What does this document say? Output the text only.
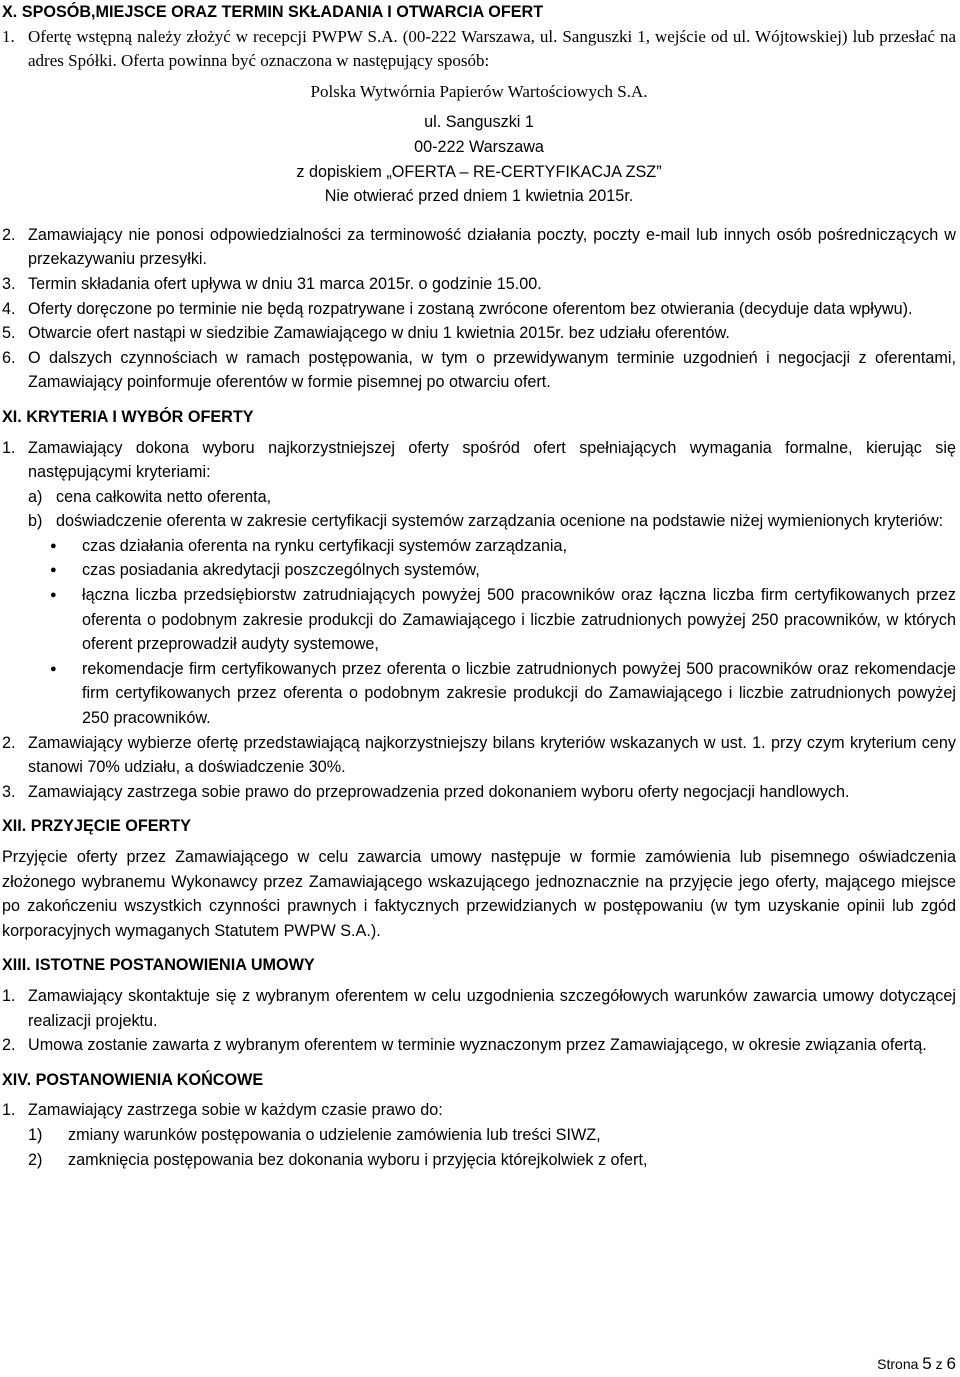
X. SPOSÓB,MIEJSCE ORAZ TERMIN SKŁADANIA I OTWARCIA OFERT

1. Ofertę wstępną należy złożyć w recepcji PWPW S.A. (00-222 Warszawa, ul. Sanguszki 1, wejście od ul. Wójtowskiej) lub przesłać na adres Spółki. Oferta powinna być oznaczona w następujący sposób:
Polska Wytwórnia Papierów Wartościowych S.A.
ul. Sanguszki 1
00-222 Warszawa
z dopiskiem „OFERTA – RE-CERTYFIKACJA ZSZ”
Nie otwierać przed dniem 1 kwietnia 2015r.
2. Zamawiający nie ponosi odpowiedzialności za terminowość działania poczty, poczty e-mail lub innych osób pośredniczących w przekazywaniu przesyłki.
3. Termin składania ofert upływa w dniu 31 marca 2015r. o godzinie 15.00.
4. Oferty doręczone po terminie nie będą rozpatrywane i zostaną zwrócone oferentom bez otwierania (decyduje data wpływu).
5. Otwarcie ofert nastąpi w siedzibie Zamawiającego w dniu 1 kwietnia 2015r. bez udziału oferentów.
6. O dalszych czynnościach w ramach postępowania, w tym o przewidywanym terminie uzgodnień i negocjacji z oferentami, Zamawiający poinformuje oferentów w formie pisemnej po otwarciu ofert.

XI. KRYTERIA I WYBÓR OFERTY

1. Zamawiający dokona wyboru najkorzystniejszej oferty spośród ofert spełniających wymagania formalne, kierując się następującymi kryteriami:
a) cena całkowita netto oferenta,
b) doświadczenie oferenta w zakresie certyfikacji systemów zarządzania ocenione na podstawie niżej wymienionych kryteriów:
●	czas działania oferenta na rynku certyfikacji systemów zarządzania,
●	czas posiadania akredytacji poszczególnych systemów,
●	łączna liczba przedsiębiorstw zatrudniających powyżej 500 pracowników oraz łączna liczba firm certyfikowanych przez oferenta o podobnym zakresie produkcji do Zamawiającego i liczbie zatrudnionych powyżej 250 pracowników, w których oferent przeprowadził audyty systemowe,
●	rekomendacje firm certyfikowanych przez oferenta o liczbie zatrudnionych powyżej 500 pracowników oraz rekomendacje firm certyfikowanych przez oferenta o podobnym zakresie produkcji do Zamawiającego i liczbie zatrudnionych powyżej 250 pracowników.
2. Zamawiający wybierze ofertę przedstawiającą najkorzystniejszy bilans kryteriów wskazanych w ust. 1. przy czym kryterium ceny stanowi 70% udziału, a doświadczenie 30%.
3. Zamawiający zastrzega sobie prawo do przeprowadzenia przed dokonaniem wyboru oferty negocjacji handlowych.

XII. PRZYJĘCIE OFERTY

Przyjęcie oferty przez Zamawiającego w celu zawarcia umowy następuje w formie zamówienia lub pisemnego oświadczenia złożonego wybranemu Wykonawcy przez Zamawiającego wskazującego jednoznacznie na przyjęcie jego oferty, mającego miejsce po zakończeniu wszystkich czynności prawnych i faktycznych przewidzianych w postępowaniu (w tym uzyskanie opinii lub zgód korporacyjnych wymaganych Statutem PWPW S.A.).

XIII. ISTOTNE POSTANOWIENIA UMOWY

1. Zamawiający skontaktuje się z wybranym oferentem w celu uzgodnienia szczegółowych warunków zawarcia umowy dotyczącej realizacji projektu.
2. Umowa zostanie zawarta z wybranym oferentem w terminie wyznaczonym przez Zamawiającego, w okresie związania ofertą.

XIV. POSTANOWIENIA KOŃCOWE

1. Zamawiający zastrzega sobie w każdym czasie prawo do:
1)	zmiany warunków postępowania o udzielenie zamówienia lub treści SIWZ,
2)	zamknięcia postępowania bez dokonania wyboru i przyjęcia którejkolwiek z ofert,
Strona 5 z 6
